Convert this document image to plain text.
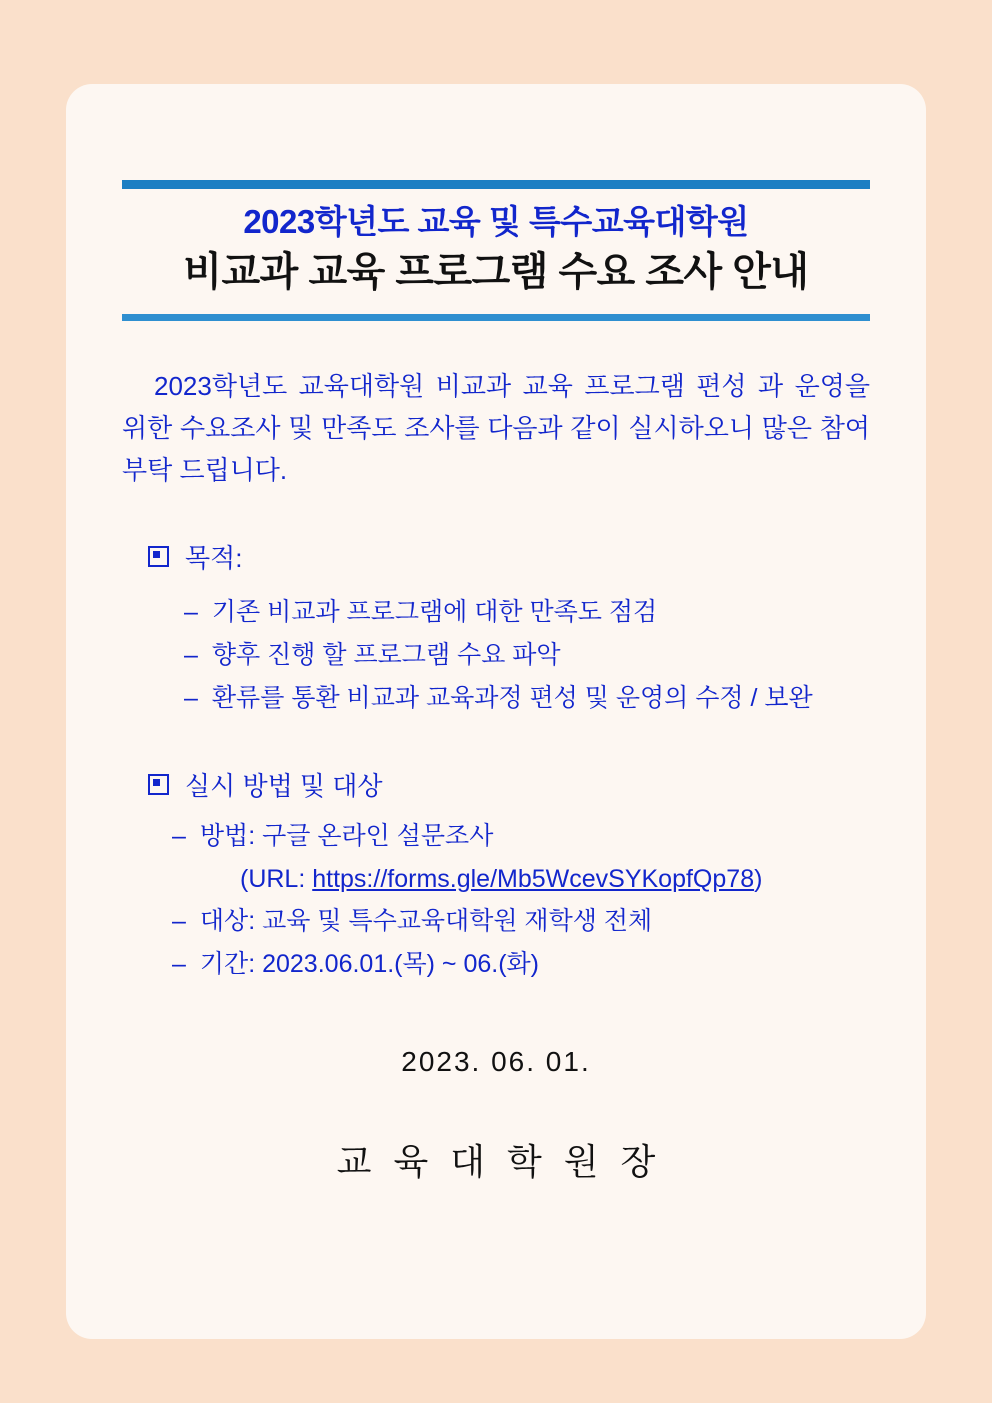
2023학년도 교육 및 특수교육대학원
비교과 교육 프로그램 수요 조사 안내
2023학년도 교육대학원 비교과 교육 프로그램 편성 과 운영을 위한 수요조사 및 만족도 조사를 다음과 같이 실시하오니 많은 참여 부탁 드립니다.
목적:
– 기존 비교과 프로그램에 대한 만족도 점검
– 향후 진행 할 프로그램 수요 파악
– 환류를 통환 비교과 교육과정 편성 및 운영의 수정 / 보완
실시 방법 및 대상
– 방법: 구글 온라인 설문조사
(URL: https://forms.gle/Mb5WcevSYKopfQp78)
– 대상: 교육 및 특수교육대학원 재학생 전체
– 기간: 2023.06.01.(목) ~ 06.(화)
2023. 06. 01.
교육대학원장
